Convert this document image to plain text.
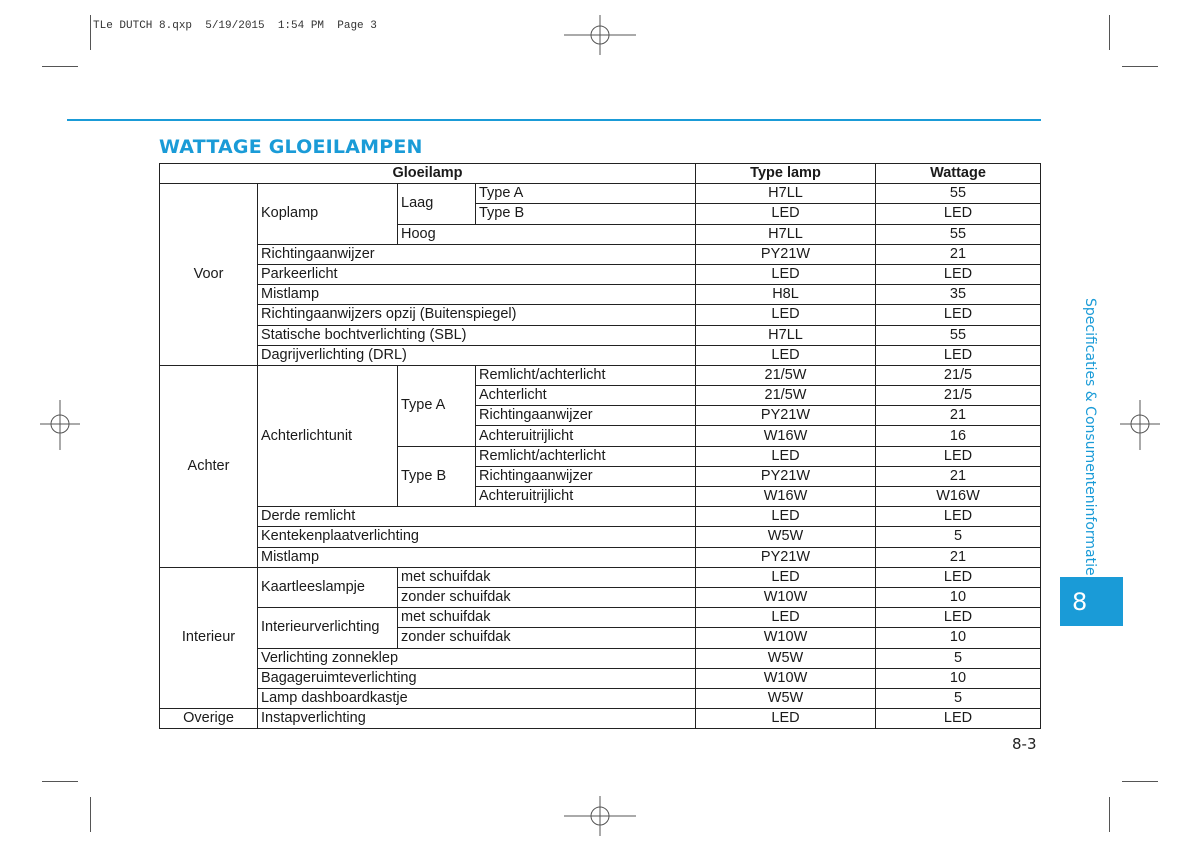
TLe DUTCH 8.qxp  5/19/2015  1:54 PM  Page 3
WATTAGE GLOEILAMPEN
Gloeilamp				Type lamp	Wattage
Voor	Koplamp	Laag	Type A	H7LL	55
			Type B	LED	LED
		Hoog		H7LL	55
	Richtingaanwijzer			PY21W	21
	Parkeerlicht			LED	LED
	Mistlamp			H8L	35
	Richtingaanwijzers opzij (Buitenspiegel)			LED	LED
	Statische bochtverlichting (SBL)			H7LL	55
	Dagrijverlichting (DRL)			LED	LED
Achter	Achterlichtunit	Type A	Remlicht/achterlicht	21/5W	21/5
			Achterlicht	21/5W	21/5
			Richtingaanwijzer	PY21W	21
			Achteruitrijlicht	W16W	16
		Type B	Remlicht/achterlicht	LED	LED
			Richtingaanwijzer	PY21W	21
			Achteruitrijlicht	W16W	W16W
	Derde remlicht			LED	LED
	Kentekenplaatverlichting			W5W	5
	Mistlamp			PY21W	21
Interieur	Kaartleeslampje	met schuifdak		LED	LED
		zonder schuifdak		W10W	10
	Interieurverlichting	met schuifdak		LED	LED
		zonder schuifdak		W10W	10
	Verlichting zonneklep			W5W	5
	Bagageruimteverlichting			W10W	10
	Lamp dashboardkastje			W5W	5
Overige	Instapverlichting			LED	LED
Specificaties & Consumenteninformatie
8
8-3
